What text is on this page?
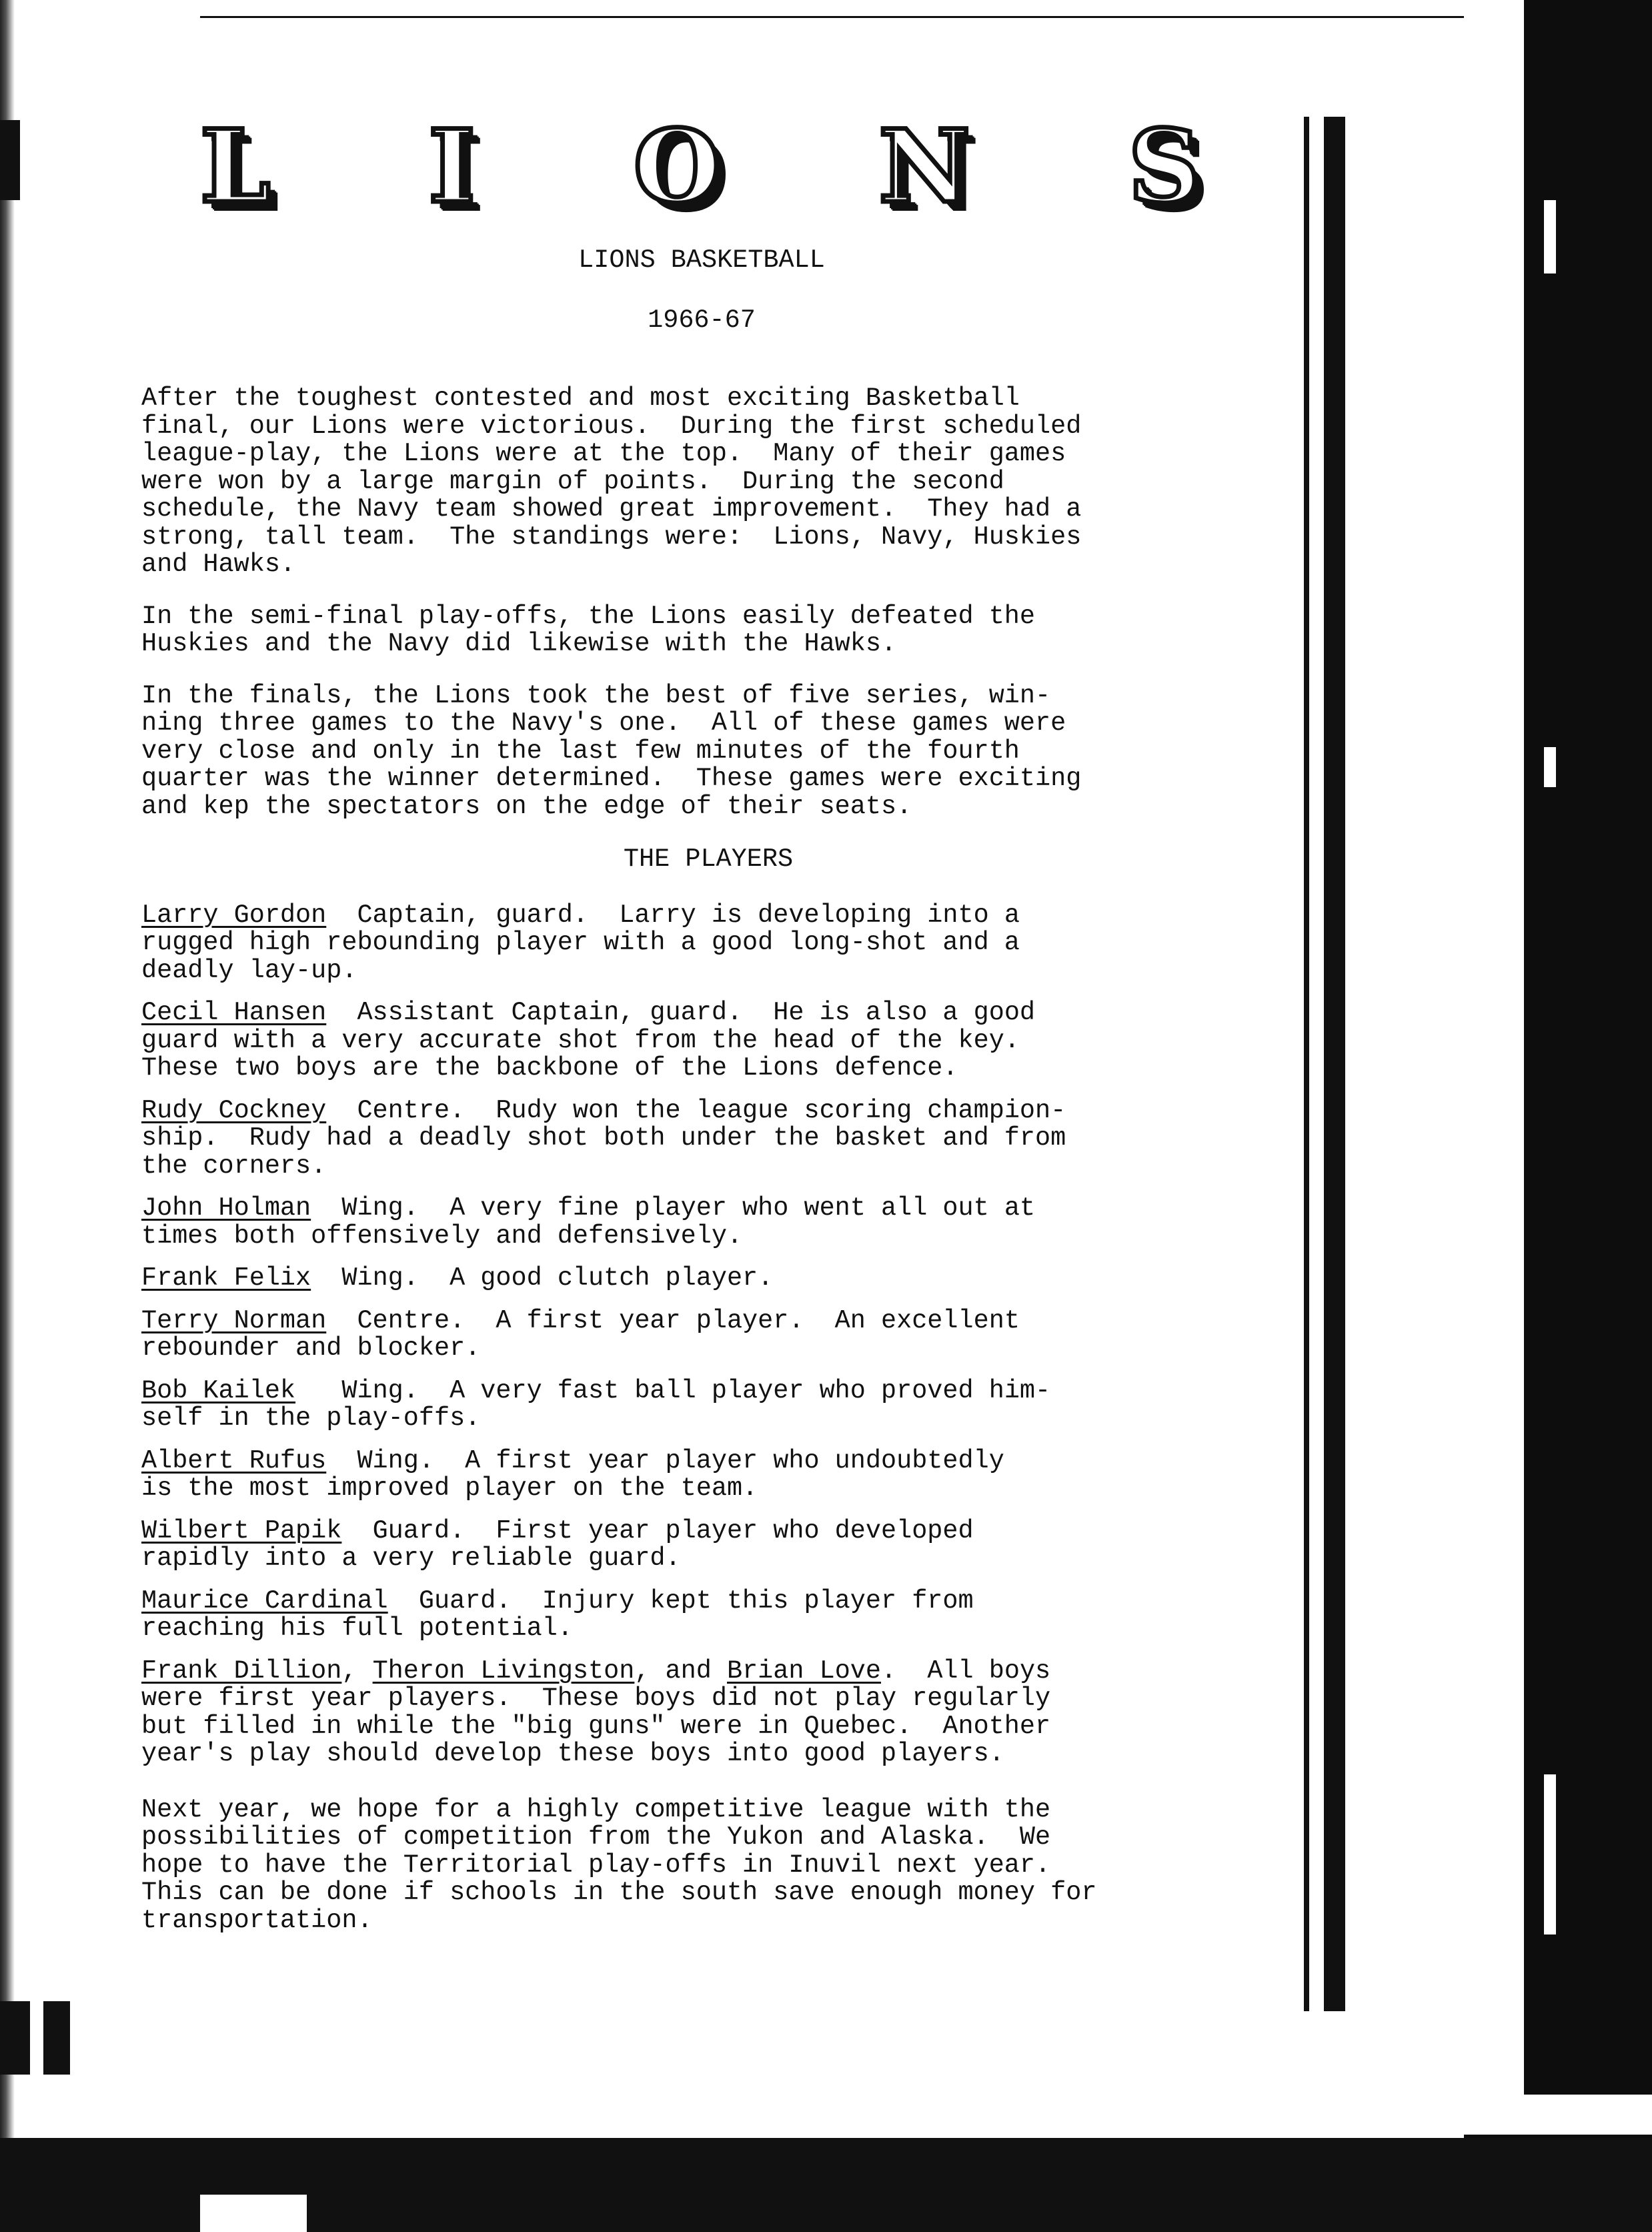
L I O N S

LIONS BASKETBALL

1966-67

After the toughest contested and most exciting Basketball
final, our Lions were victorious.  During the first scheduled
league-play, the Lions were at the top.  Many of their games
were won by a large margin of points.  During the second
schedule, the Navy team showed great improvement.  They had a
strong, tall team.  The standings were:  Lions, Navy, Huskies
and Hawks.

In the semi-final play-offs, the Lions easily defeated the
Huskies and the Navy did likewise with the Hawks.

In the finals, the Lions took the best of five series, win-
ning three games to the Navy's one.  All of these games were
very close and only in the last few minutes of the fourth
quarter was the winner determined.  These games were exciting
and kep the spectators on the edge of their seats.

THE PLAYERS

Larry Gordon  Captain, guard.  Larry is developing into a
rugged high rebounding player with a good long-shot and a
deadly lay-up.

Cecil Hansen  Assistant Captain, guard.  He is also a good
guard with a very accurate shot from the head of the key.
These two boys are the backbone of the Lions defence.

Rudy Cockney  Centre.  Rudy won the league scoring champion-
ship.  Rudy had a deadly shot both under the basket and from
the corners.

John Holman  Wing.  A very fine player who went all out at
times both offensively and defensively.

Frank Felix  Wing.  A good clutch player.

Terry Norman  Centre.  A first year player.  An excellent
rebounder and blocker.

Bob Kailek   Wing.  A very fast ball player who proved him-
self in the play-offs.

Albert Rufus  Wing.  A first year player who undoubtedly
is the most improved player on the team.

Wilbert Papik  Guard.  First year player who developed
rapidly into a very reliable guard.

Maurice Cardinal  Guard.  Injury kept this player from
reaching his full potential.

Frank Dillion, Theron Livingston, and Brian Love.  All boys
were first year players.  These boys did not play regularly
but filled in while the "big guns" were in Quebec.  Another
year's play should develop these boys into good players.

Next year, we hope for a highly competitive league with the
possibilities of competition from the Yukon and Alaska.  We
hope to have the Territorial play-offs in Inuvil next year.
This can be done if schools in the south save enough money for
transportation.
